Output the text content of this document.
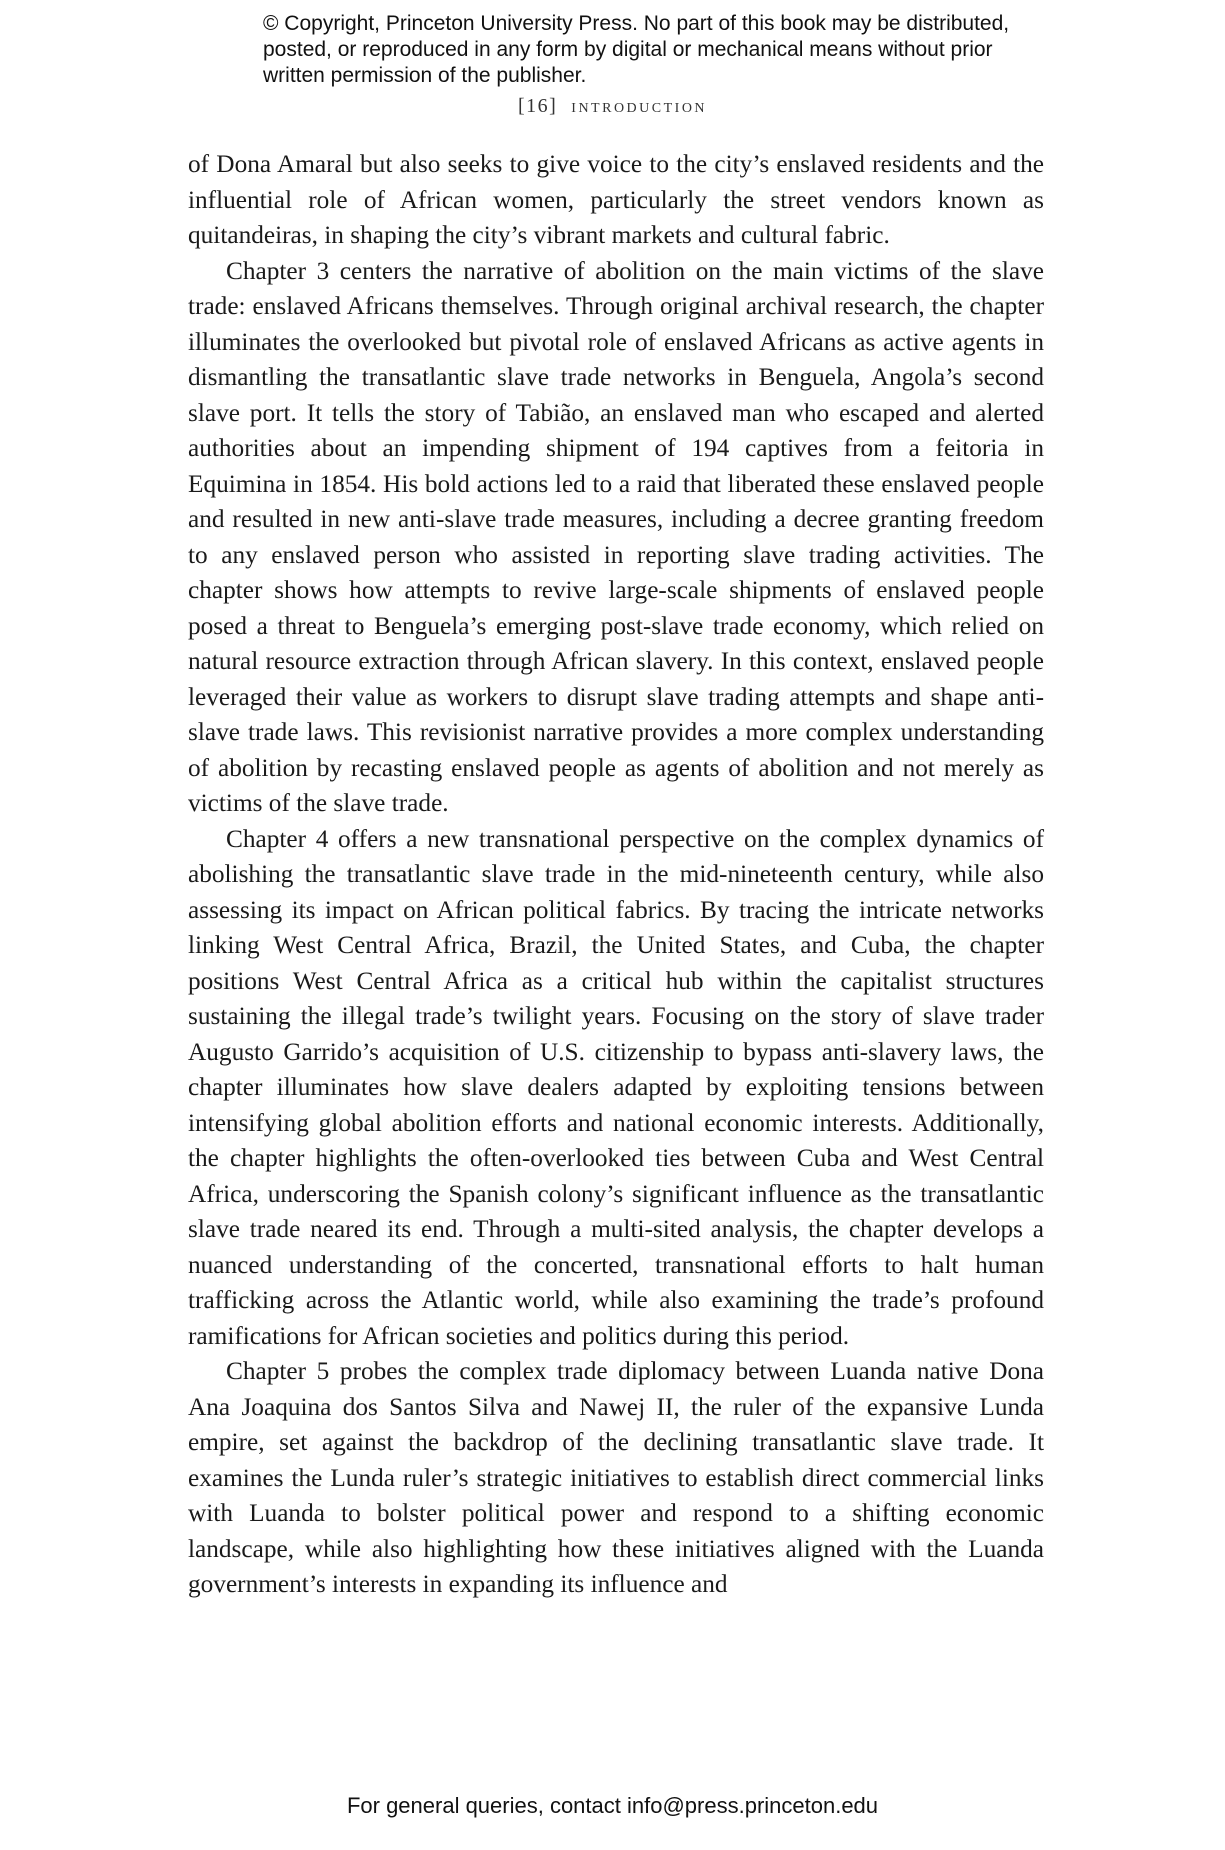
© Copyright, Princeton University Press. No part of this book may be distributed, posted, or reproduced in any form by digital or mechanical means without prior written permission of the publisher.
[16] introduction

of Dona Amaral but also seeks to give voice to the city’s enslaved residents and the influential role of African women, particularly the street vendors known as quitandeiras, in shaping the city’s vibrant markets and cultural fabric.

Chapter 3 centers the narrative of abolition on the main victims of the slave trade: enslaved Africans themselves. Through original archival research, the chapter illuminates the overlooked but pivotal role of enslaved Africans as active agents in dismantling the transatlantic slave trade networks in Benguela, Angola’s second slave port. It tells the story of Tabião, an enslaved man who escaped and alerted authorities about an impending shipment of 194 captives from a feitoria in Equimina in 1854. His bold actions led to a raid that liberated these enslaved people and resulted in new anti-slave trade measures, including a decree granting freedom to any enslaved person who assisted in reporting slave trading activities. The chapter shows how attempts to revive large-scale shipments of enslaved people posed a threat to Benguela’s emerging post-slave trade economy, which relied on natural resource extraction through African slavery. In this context, enslaved people leveraged their value as workers to disrupt slave trading attempts and shape anti-slave trade laws. This revisionist narrative provides a more complex understanding of abolition by recasting enslaved people as agents of abolition and not merely as victims of the slave trade.

Chapter 4 offers a new transnational perspective on the complex dynamics of abolishing the transatlantic slave trade in the mid-nineteenth century, while also assessing its impact on African political fabrics. By tracing the intricate networks linking West Central Africa, Brazil, the United States, and Cuba, the chapter positions West Central Africa as a critical hub within the capitalist structures sustaining the illegal trade’s twilight years. Focusing on the story of slave trader Augusto Garrido’s acquisition of U.S. citizenship to bypass anti-slavery laws, the chapter illuminates how slave dealers adapted by exploiting tensions between intensifying global abolition efforts and national economic interests. Additionally, the chapter highlights the often-overlooked ties between Cuba and West Central Africa, underscoring the Spanish colony’s significant influence as the transatlantic slave trade neared its end. Through a multi-sited analysis, the chapter develops a nuanced understanding of the concerted, transnational efforts to halt human trafficking across the Atlantic world, while also examining the trade’s profound ramifications for African societies and politics during this period.

Chapter 5 probes the complex trade diplomacy between Luanda native Dona Ana Joaquina dos Santos Silva and Nawej II, the ruler of the expansive Lunda empire, set against the backdrop of the declining transatlantic slave trade. It examines the Lunda ruler’s strategic initiatives to establish direct commercial links with Luanda to bolster political power and respond to a shifting economic landscape, while also highlighting how these initiatives aligned with the Luanda government’s interests in expanding its influence and

For general queries, contact info@press.princeton.edu
